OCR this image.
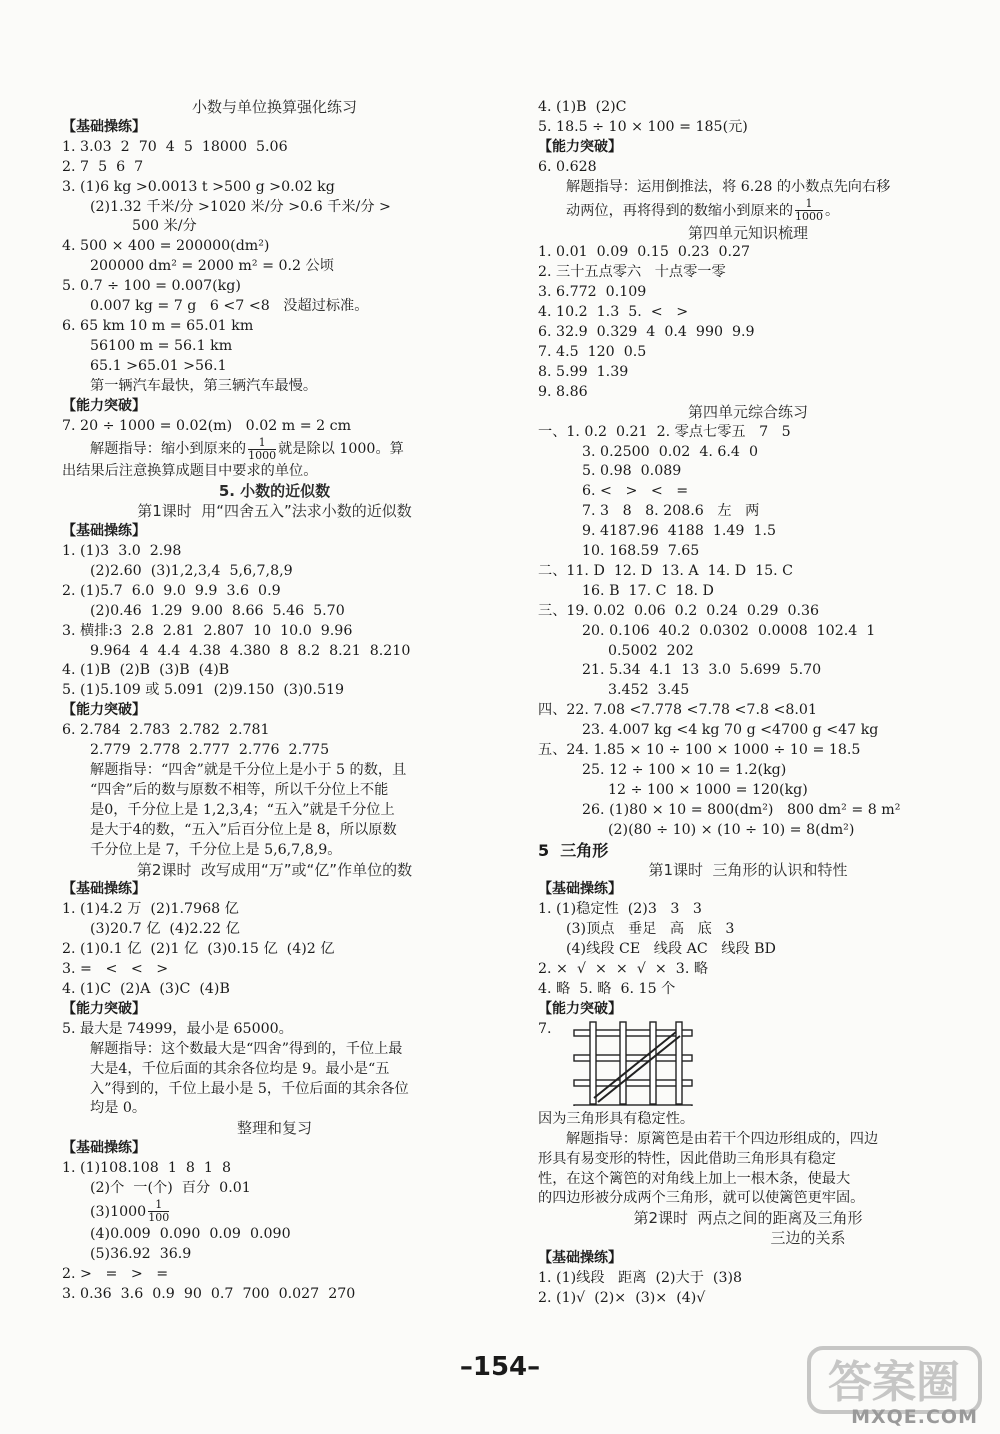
小数与单位换算强化练习
【基础操练】
1. 3.03  2  70  4  5  18000  5.06
2. 7  5  6  7
3. (1)6 kg >0.0013 t >500 g >0.02 kg
(2)1.32 千米/分 >1020 米/分 >0.6 千米/分 >
500 米/分
4. 500 × 400 = 200000(dm²)
200000 dm² = 2000 m² = 0.2 公顷
5. 0.7 ÷ 100 = 0.007(kg)
0.007 kg = 7 g   6 <7 <8   没超过标准。
6. 65 km 10 m = 65.01 km
56100 m = 56.1 km
65.1 >65.01 >56.1
第一辆汽车最快，第三辆汽车最慢。
【能力突破】
7. 20 ÷ 1000 = 0.02(m)   0.02 m = 2 cm
解题指导：缩小到原来的 $\frac{1}{1000}$ 就是除以 1000。算
出结果后注意换算成题目中要求的单位。
5. 小数的近似数
第1课时  用“四舍五入”法求小数的近似数
【基础操练】
1. (1)3  3.0  2.98
(2)2.60  (3)1,2,3,4  5,6,7,8,9
2. (1)5.7  6.0  9.0  9.9  3.6  0.9
(2)0.46  1.29  9.00  8.66  5.46  5.70
3. 横排:3  2.8  2.81  2.807  10  10.0  9.96
9.964  4  4.4  4.38  4.380  8  8.2  8.21  8.210
4. (1)B  (2)B  (3)B  (4)B
5. (1)5.109 或 5.091  (2)9.150  (3)0.519
【能力突破】
6. 2.784  2.783  2.782  2.781
2.779  2.778  2.777  2.776  2.775
解题指导：“四舍”就是千分位上是小于 5 的数，且
“四舍”后的数与原数不相等，所以千分位上不能
是0，千分位上是 1,2,3,4；“五入”就是千分位上
是大于4的数，“五入”后百分位上是 8，所以原数
千分位上是 7，千分位上是 5,6,7,8,9。
第2课时  改写成用“万”或“亿”作单位的数
【基础操练】
1. (1)4.2 万  (2)1.7968 亿
(3)20.7 亿  (4)2.22 亿
2. (1)0.1 亿  (2)1 亿  (3)0.15 亿  (4)2 亿
3. =   <   <   >
4. (1)C  (2)A  (3)C  (4)B
【能力突破】
5. 最大是 74999，最小是 65000。
解题指导：这个数最大是“四舍”得到的，千位上最
大是4，千位后面的其余各位均是 9。最小是“五
入”得到的，千位上最小是 5，千位后面的其余各位
均是 0。
整理和复习
【基础操练】
1. (1)108.108  1  8  1  8
(2)个  一(个)  百分  0.01
$(3)1000 \frac{1}{100}$
(4)0.009  0.090  0.09  0.090
(5)36.92  36.9
2. >   =   >   =
3. 0.36  3.6  0.9  90  0.7  700  0.027  270
4. (1)B  (2)C
5. 18.5 ÷ 10 × 100 = 185(元)
【能力突破】
6. 0.628
解题指导：运用倒推法，将 6.28 的小数点先向右移
动两位，再将得到的数缩小到原来的 $\frac{1}{1000}$ 。
第四单元知识梳理
1. 0.01  0.09  0.15  0.23  0.27
2. 三十五点零六   十点零一零
3. 6.772  0.109
4. 10.2  1.3  5.  <   >
6. 32.9  0.329  4  0.4  990  9.9
7. 4.5  120  0.5
8. 5.99  1.39
9. 8.86
第四单元综合练习
一、1. 0.2  0.21  2. 零点七零五   7   5
3. 0.2500  0.02  4. 6.4  0
5. 0.98  0.089
6. <   >   <   =
7. 3   8   8. 208.6   左   两
9. 4187.96  4188  1.49  1.5
10. 168.59  7.65
二、11. D  12. D  13. A  14. D  15. C
16. B  17. C  18. D
三、19. 0.02  0.06  0.2  0.24  0.29  0.36
20. 0.106  40.2  0.0302  0.0008  102.4  1
0.5002  202
21. 5.34  4.1  13  3.0  5.699  5.70
3.452  3.45
四、22. 7.08 <7.778 <7.78 <7.8 <8.01
23. 4.007 kg <4 kg 70 g <4700 g <47 kg
五、24. 1.85 × 10 ÷ 100 × 1000 ÷ 10 = 18.5
25. 12 ÷ 100 × 10 = 1.2(kg)
12 ÷ 100 × 1000 = 120(kg)
26. (1)80 × 10 = 800(dm²)   800 dm² = 8 m²
(2)(80 ÷ 10) × (10 ÷ 10) = 8(dm²)
5  三角形
第1课时  三角形的认识和特性
【基础操练】
1. (1)稳定性  (2)3   3   3
(3)顶点   垂足   高   底   3
(4)线段 CE   线段 AC   线段 BD
2. ×  √  ×  ×  √  ×  3. 略
4. 略  5. 略  6. 15 个
【能力突破】
7.
因为三角形具有稳定性。
解题指导：原篱笆是由若干个四边形组成的，四边
形具有易变形的特性，因此借助三角形具有稳定
性，在这个篱笆的对角线上加上一根木条，使最大
的四边形被分成两个三角形，就可以使篱笆更牢固。
第2课时  两点之间的距离及三角形
三边的关系
【基础操练】
1. (1)线段   距离  (2)大于  (3)8
2. (1)√  (2)×  (3)×  (4)√
–154–	答案圈
MXQE.COM
